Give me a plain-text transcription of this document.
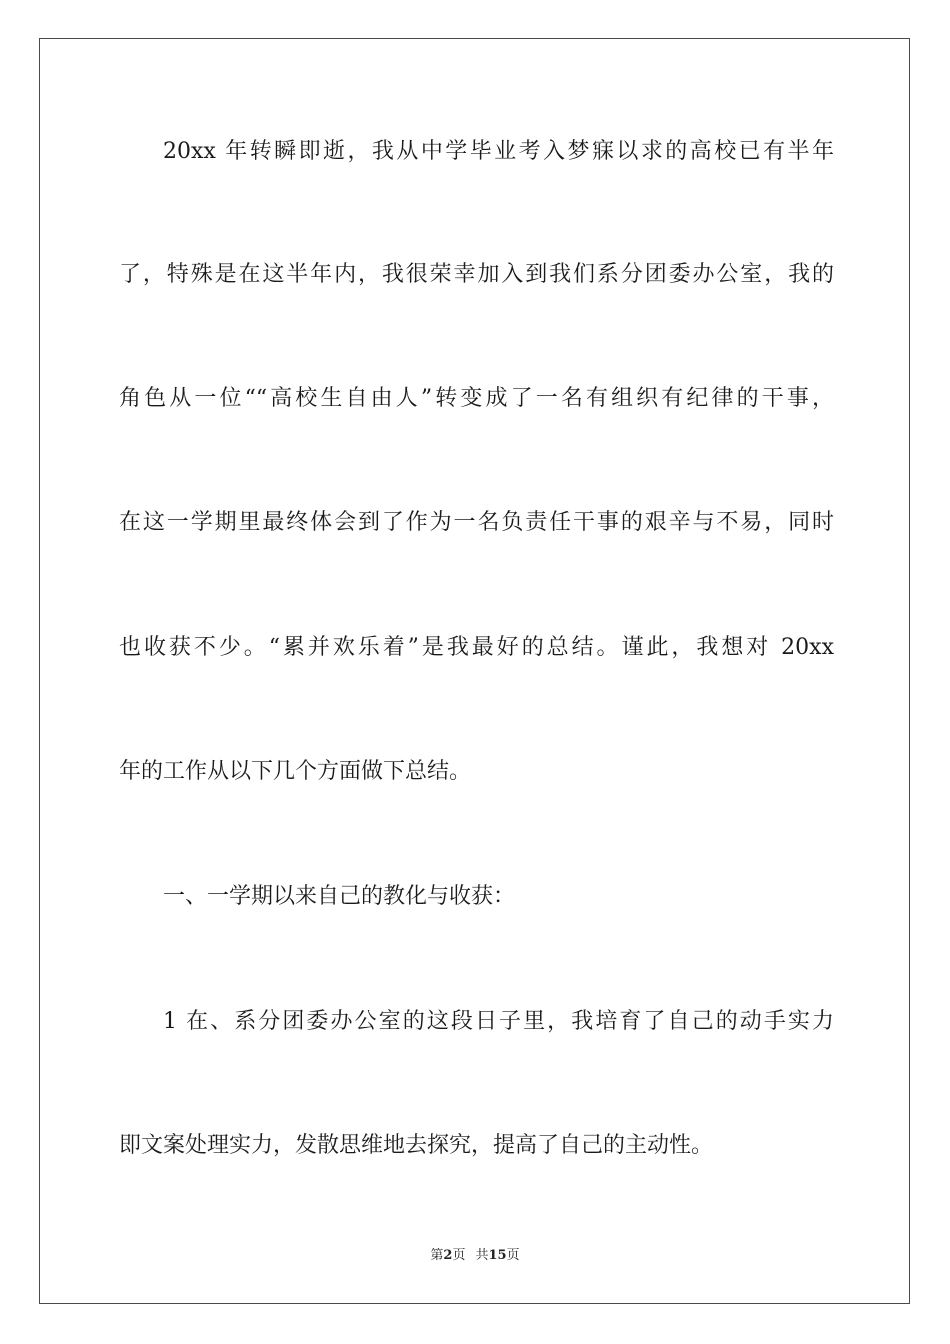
20xx 年转瞬即逝，我从中学毕业考入梦寐以求的高校已有半年
了，特殊是在这半年内，我很荣幸加入到我们系分团委办公室，我的
角色从一位““高校生自由人”转变成了一名有组织有纪律的干事，
在这一学期里最终体会到了作为一名负责任干事的艰辛与不易，同时
也收获不少。“累并欢乐着”是我最好的总结。谨此，我想对 20xx
年的工作从以下几个方面做下总结。
一、一学期以来自己的教化与收获：
1 在、系分团委办公室的这段日子里，我培育了自己的动手实力
即文案处理实力，发散思维地去探究，提高了自己的主动性。
第2页 共15页
